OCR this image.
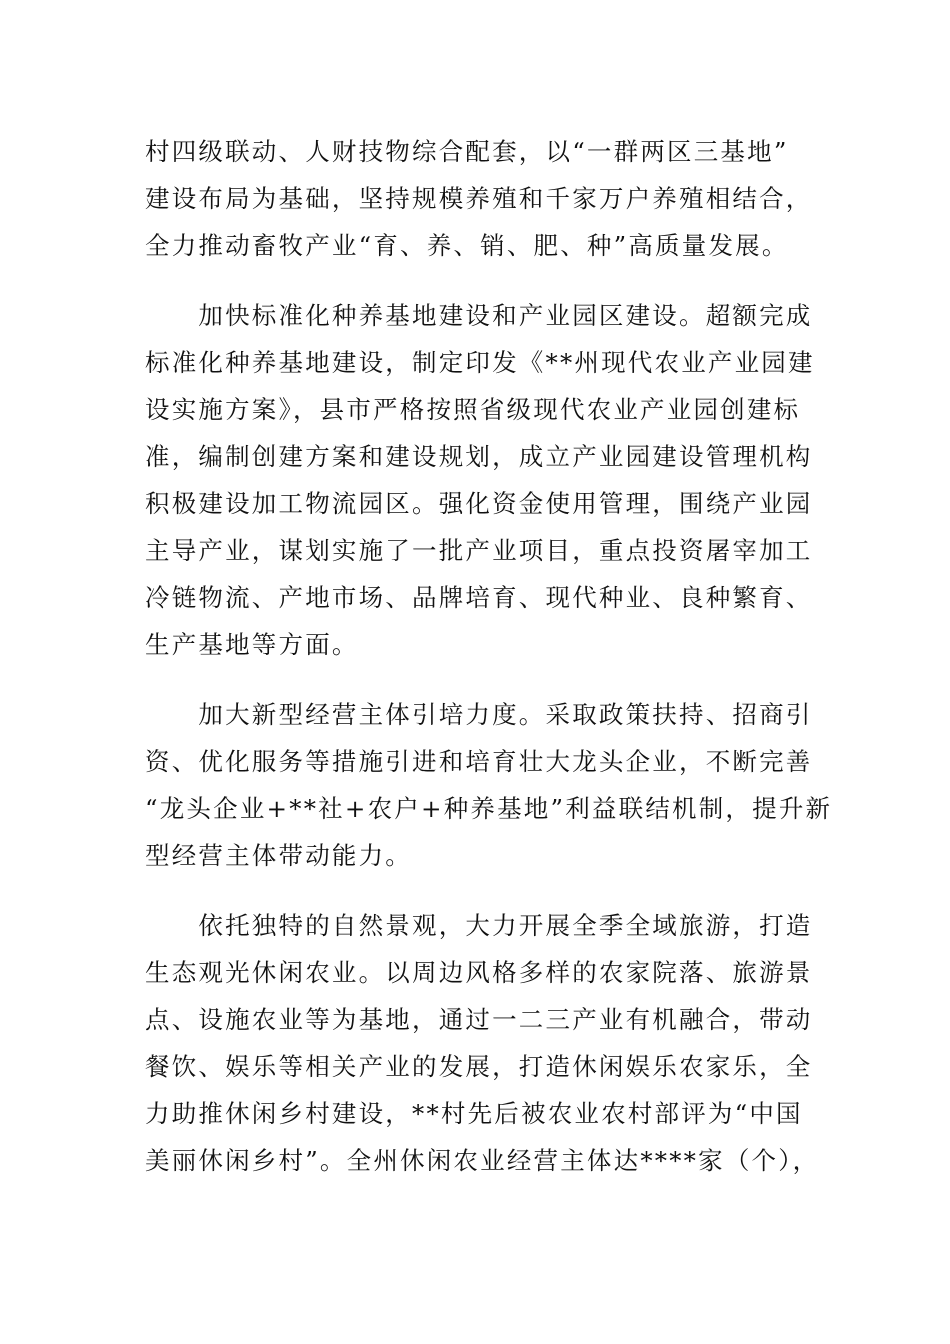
村四级联动、人财技物综合配套，以“一群两区三基地”
建设布局为基础，坚持规模养殖和千家万户养殖相结合，
全力推动畜牧产业“育、养、销、肥、种”高质量发展。
　　加快标准化种养基地建设和产业园区建设。超额完成
标准化种养基地建设，制定印发《**州现代农业产业园建
设实施方案》，县市严格按照省级现代农业产业园创建标
准，编制创建方案和建设规划，成立产业园建设管理机构
积极建设加工物流园区。强化资金使用管理，围绕产业园
主导产业，谋划实施了一批产业项目，重点投资屠宰加工
冷链物流、产地市场、品牌培育、现代种业、良种繁育、
生产基地等方面。
　　加大新型经营主体引培力度。采取政策扶持、招商引
资、优化服务等措施引进和培育壮大龙头企业，不断完善
“龙头企业+**社+农户+种养基地”利益联结机制，提升新
型经营主体带动能力。
　　依托独特的自然景观，大力开展全季全域旅游，打造
生态观光休闲农业。以周边风格多样的农家院落、旅游景
点、设施农业等为基地，通过一二三产业有机融合，带动
餐饮、娱乐等相关产业的发展，打造休闲娱乐农家乐，全
力助推休闲乡村建设，**村先后被农业农村部评为“中国
美丽休闲乡村”。全州休闲农业经营主体达****家（个），
